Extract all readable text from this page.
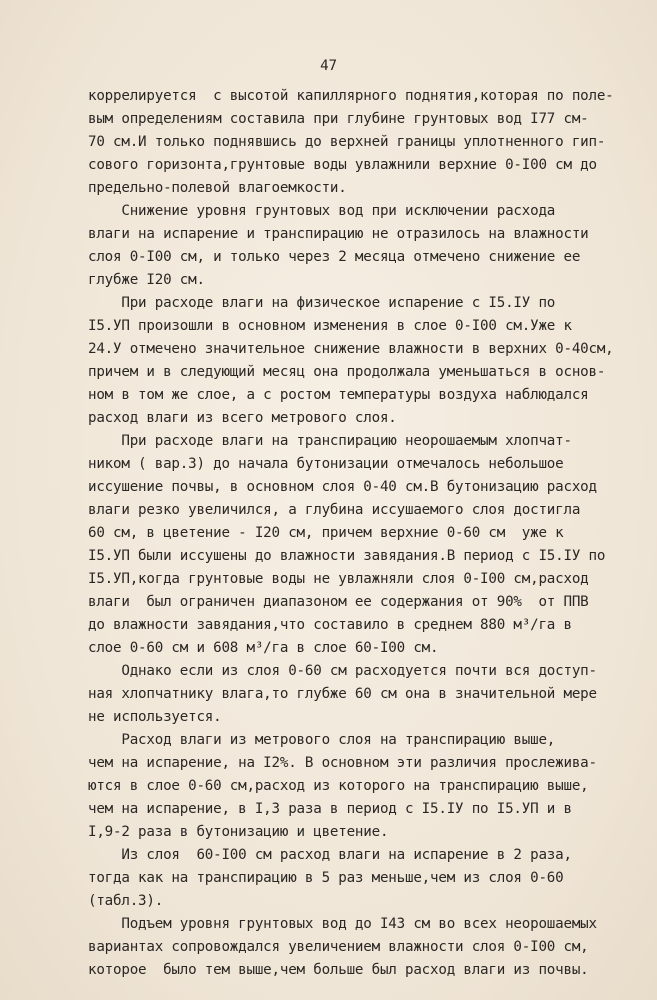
47
коррелируется  с высотой капиллярного поднятия,которая по поле-
вым определениям составила при глубине грунтовых вод I77 см-
70 см.И только поднявшись до верхней границы уплотненного гип-
сового горизонта,грунтовые воды увлажнили верхние 0-I00 см до
предельно-полевой влагоемкости.
Снижение уровня грунтовых вод при исключении расхода
влаги на испарение и транспирацию не отразилось на влажности
слоя 0-I00 см, и только через 2 месяца отмечено снижение ее
глубже I20 см.
При расходе влаги на физическое испарение с I5.IУ по
I5.УП произошли в основном изменения в слое 0-I00 см.Уже к
24.У отмечено значительное снижение влажности в верхних 0-40см,
причем и в следующий месяц она продолжала уменьшаться в основ-
ном в том же слое, а с ростом температуры воздуха наблюдался
расход влаги из всего метрового слоя.
При расходе влаги на транспирацию неорошаемым хлопчат-
ником ( вар.3) до начала бутонизации отмечалось небольшое
иссушение почвы, в основном слоя 0-40 см.В бутонизацию расход
влаги резко увеличился, а глубина иссушаемого слоя достигла
60 см, в цветение - I20 см, причем верхние 0-60 см  уже к
I5.УП были иссушены до влажности завядания.В период с I5.IУ по
I5.УП,когда грунтовые воды не увлажняли слоя 0-I00 см,расход
влаги  был ограничен диапазоном ее содержания от 90%  от ППВ
до влажности завядания,что составило в среднем 880 м³/га в
слое 0-60 см и 608 м³/га в слое 60-I00 см.
Однако если из слоя 0-60 см расходуется почти вся доступ-
ная хлопчатнику влага,то глубже 60 см она в значительной мере
не используется.
Расход влаги из метрового слоя на транспирацию выше,
чем на испарение, на I2%. В основном эти различия прослежива-
ются в слое 0-60 см,расход из которого на транспирацию выше,
чем на испарение, в I,3 раза в период с I5.IУ по I5.УП и в
I,9-2 раза в бутонизацию и цветение.
Из слоя  60-I00 см расход влаги на испарение в 2 раза,
тогда как на транспирацию в 5 раз меньше,чем из слоя 0-60
(табл.3).
Подъем уровня грунтовых вод до I43 см во всех неорошаемых
вариантах сопровождался увеличением влажности слоя 0-I00 см,
которое  было тем выше,чем больше был расход влаги из почвы.
